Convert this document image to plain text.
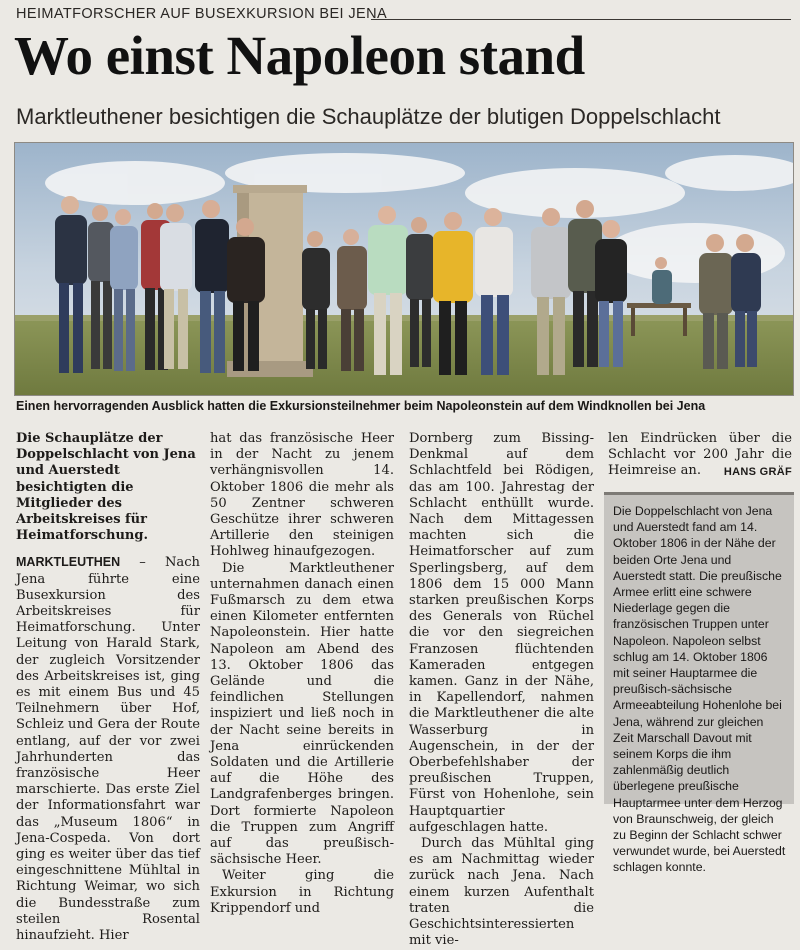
HEIMATFORSCHER AUF BUSEXKURSION BEI JENA
Wo einst Napoleon stand
Marktleuthener besichtigen die Schauplätze der blutigen Doppelschlacht
Einen hervorragenden Ausblick hatten die Exkursionsteilnehmer beim Napoleonstein auf dem Windknollen bei Jena
Die Schauplätze der Doppelschlacht von Jena und Auerstedt besichtigten die Mitglieder des Arbeitskreises für Heimatforschung.

MARKTLEUTHEN – Nach Jena führte eine Busexkursion des Arbeitskreises für Heimatforschung. Unter Leitung von Harald Stark, der zugleich Vorsitzender des Arbeitskreises ist, ging es mit einem Bus und 45 Teilnehmern über Hof, Schleiz und Gera der Route entlang, auf der vor zwei Jahrhunderten das französische Heer marschierte. Das erste Ziel der Informationsfahrt war das „Museum 1806“ in Jena-Cospeda. Von dort ging es weiter über das tief eingeschnittene Mühltal in Richtung Weimar, wo sich die Bundesstraße zum steilen Rosental hinaufzieht. Hier

hat das französische Heer in der Nacht zu jenem verhängnisvollen 14. Oktober 1806 die mehr als 50 Zentner schweren Geschütze ihrer schweren Artillerie den steinigen Hohlweg hinaufgezogen.

Die Marktleuthener unternahmen danach einen Fußmarsch zu dem etwa einen Kilometer entfernten Napoleonstein. Hier hatte Napoleon am Abend des 13. Oktober 1806 das Gelände und die feindlichen Stellungen inspiziert und ließ noch in der Nacht seine bereits in Jena einrückenden Soldaten und die Artillerie auf die Höhe des Landgrafenberges bringen. Dort formierte Napoleon die Truppen zum Angriff auf das preußisch-sächsische Heer.

Weiter ging die Exkursion in Richtung Krippendorf und

Dornberg zum Bissing-Denkmal auf dem Schlachtfeld bei Rödigen, das am 100. Jahrestag der Schlacht enthüllt wurde. Nach dem Mittagessen machten sich die Heimatforscher auf zum Sperlingsberg, auf dem 1806 dem 15 000 Mann starken preußischen Korps des Generals von Rüchel die vor den siegreichen Franzosen flüchtenden Kameraden entgegen kamen. Ganz in der Nähe, in Kapellendorf, nahmen die Marktleuthener die alte Wasserburg in Augenschein, in der der Oberbefehlshaber der preußischen Truppen, Fürst von Hohenlohe, sein Hauptquartier aufgeschlagen hatte.

Durch das Mühltal ging es am Nachmittag wieder zurück nach Jena. Nach einem kurzen Aufenthalt traten die Geschichtsinteressierten mit vie-

len Eindrücken über die Schlacht vor 200 Jahr die Heimreise an.	HANS GRÄF
Die Doppelschlacht von Jena und Auerstedt fand am 14. Oktober 1806 in der Nähe der beiden Orte Jena und Auerstedt statt. Die preußische Armee erlitt eine schwere Niederlage gegen die französischen Truppen unter Napoleon. Napoleon selbst schlug am 14. Oktober 1806 mit seiner Hauptarmee die preußisch-sächsische Armeeabteilung Hohenlohe bei Jena, während zur gleichen Zeit Marschall Davout mit seinem Korps die ihm zahlenmäßig deutlich überlegene preußische Hauptarmee unter dem Herzog von Braunschweig, der gleich zu Beginn der Schlacht schwer verwundet wurde, bei Auerstedt schlagen konnte.
